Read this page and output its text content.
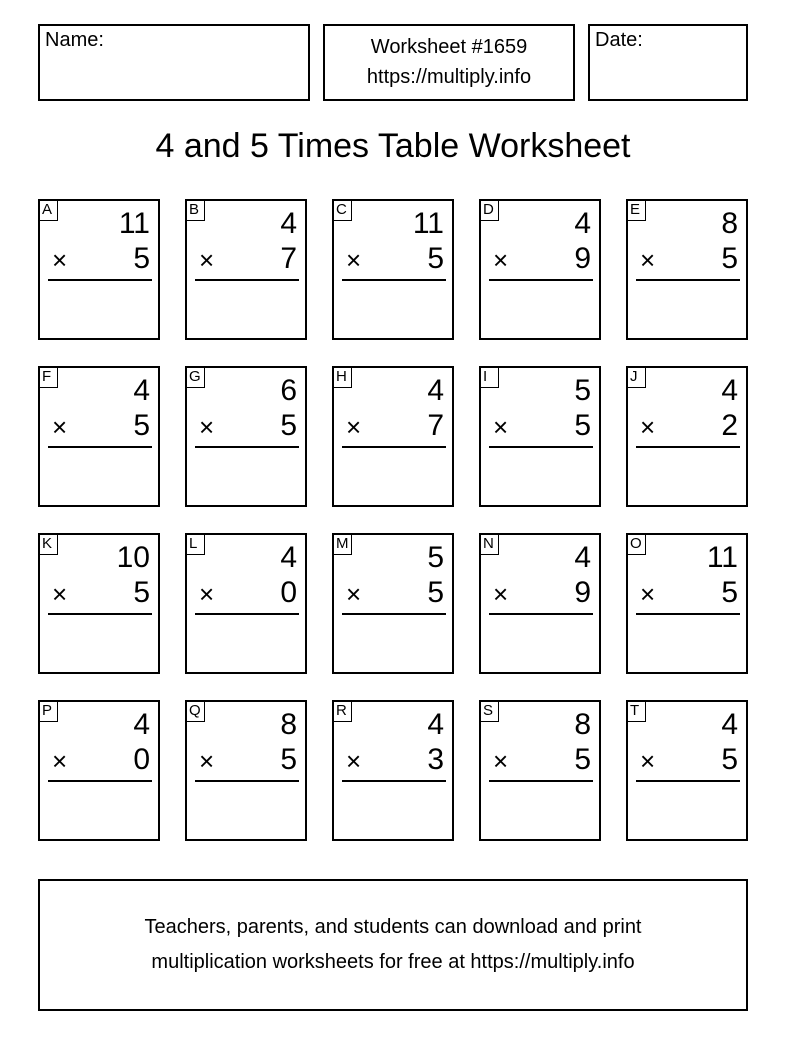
Name:	Worksheet #1659
https://multiply.info
Date:
4 and 5 Times Table Worksheet
A 11
× 5
B	4
× 7
C 11
× 5
D	4
× 9
E	8
× 5
F	4
× 5
G	6
× 5
H	4
× 7
I	5
× 5
J	4
× 2
K 10
× 5
L	4
× 0
M	5
× 5
N	4
× 9
O 11
× 5
P	4
× 0
Q	8
× 5
R	4
× 3
S	8
× 5
T	4
× 5
Teachers, parents, and students can download and print
multiplication worksheets for free at https://multiply.info
